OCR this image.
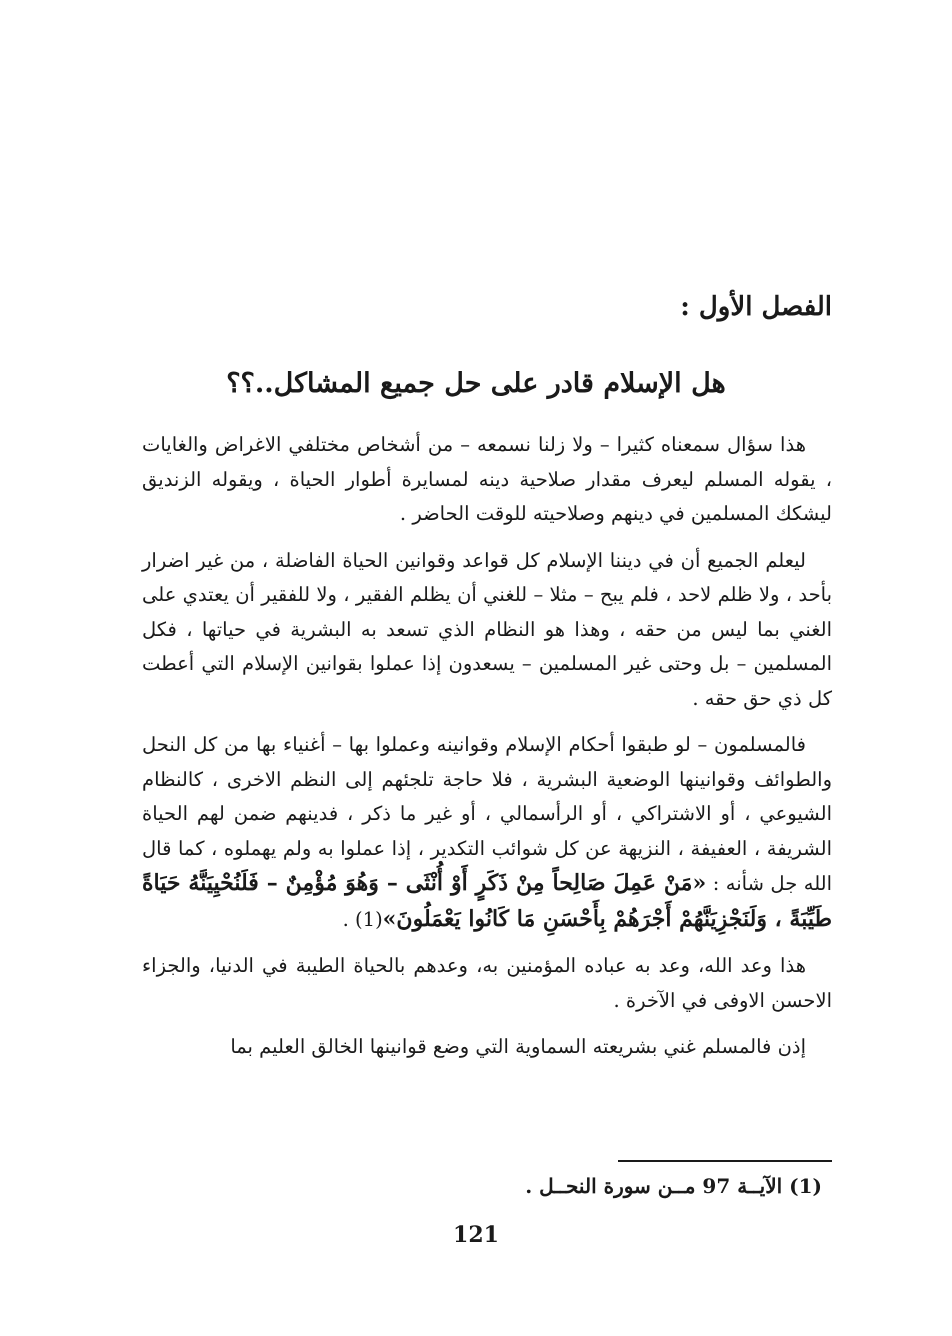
الفصل الأول :
هل الإسلام قادر على حل جميع المشاكل..؟؟

هذا سؤال سمعناه كثيرا – ولا زلنا نسمعه – من أشخاص مختلفي الاغراض والغايات ، يقوله المسلم ليعرف مقدار صلاحية دينه لمسايرة أطوار الحياة ، ويقوله الزنديق ليشكك المسلمين في دينهم وصلاحيته للوقت الحاضر .

ليعلم الجميع أن في ديننا الإسلام كل قواعد وقوانين الحياة الفاضلة ، من غير اضرار بأحد ، ولا ظلم لاحد ، فلم يبح – مثلا – للغني أن يظلم الفقير ، ولا للفقير أن يعتدي على الغني بما ليس من حقه ، وهذا هو النظام الذي تسعد به البشرية في حياتها ، فكل المسلمين – بل وحتى غير المسلمين – يسعدون إذا عملوا بقوانين الإسلام التي أعطت كل ذي حق حقه .

فالمسلمون – لو طبقوا أحكام الإسلام وقوانينه وعملوا بها – أغنياء بها من كل النحل والطوائف وقوانينها الوضعية البشرية ، فلا حاجة تلجئهم إلى النظم الاخرى ، كالنظام الشيوعي ، أو الاشتراكي ، أو الرأسمالي ، أو غير ما ذكر ، فدينهم ضمن لهم الحياة الشريفة ، العفيفة ، النزيهة عن كل شوائب التكدير ، إذا عملوا به ولم يهملوه ، كما قال الله جل شأنه : «مَنْ عَمِلَ صَالِحاً مِنْ ذَكَرٍ أَوْ أُنْثَى – وَهُوَ مُؤْمِنٌ – فَلَنُحْيِيَنَّهُ حَيَاةً طَيِّبَةً ، وَلَنَجْزِيَنَّهُمْ أَجْرَهُمْ بِأَحْسَنِ مَا كَانُوا يَعْمَلُونَ»(1) .

هذا وعد الله، وعد به عباده المؤمنين به، وعدهم بالحياة الطيبة في الدنيا، والجزاء الاحسن الاوفى في الآخرة .

إذن فالمسلم غني بشريعته السماوية التي وضع قوانينها الخالق العليم بما

(1) الآيــة 97 مــن سورة النحــل .

121
